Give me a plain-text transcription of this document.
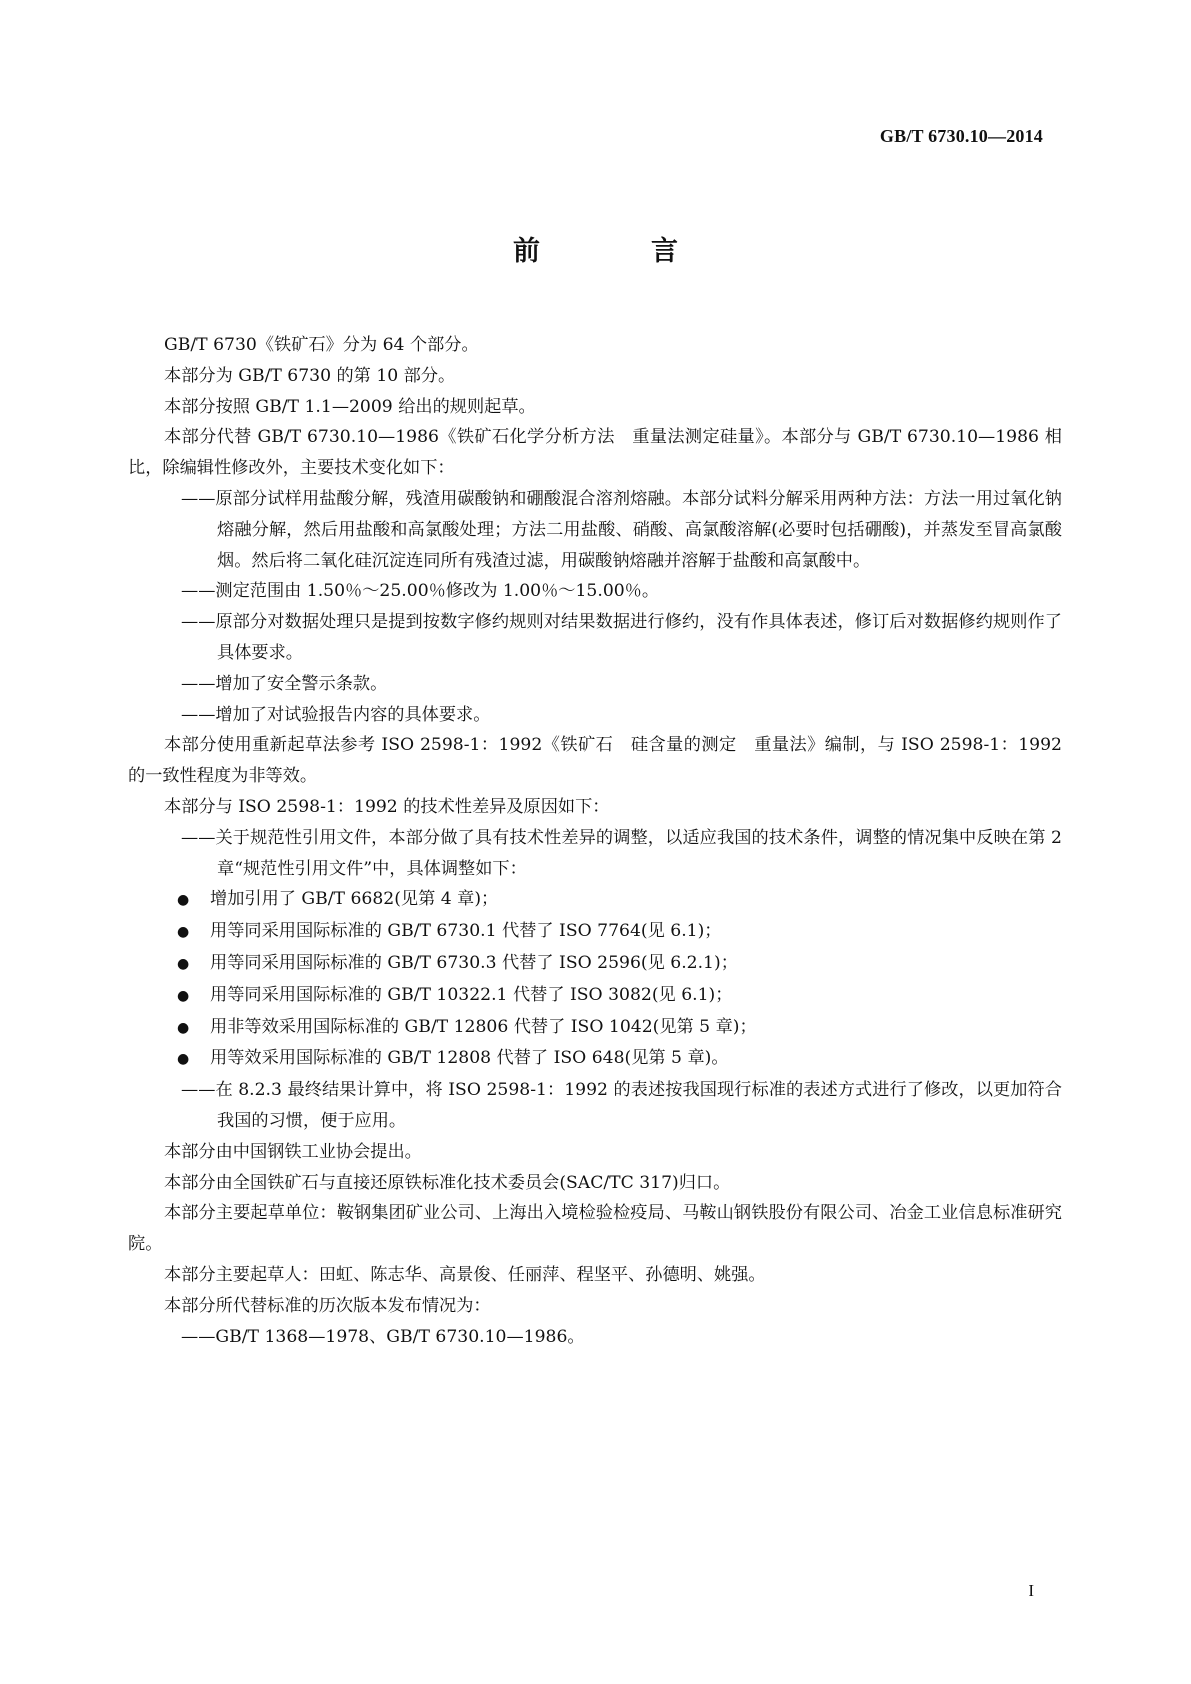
GB/T 6730.10—2014
前　言

GB/T 6730《铁矿石》分为 64 个部分。

本部分为 GB/T 6730 的第 10 部分。

本部分按照 GB/T 1.1—2009 给出的规则起草。

本部分代替 GB/T 6730.10—1986《铁矿石化学分析方法　重量法测定硅量》。本部分与 GB/T 6730.10—1986 相比，除编辑性修改外，主要技术变化如下：

——原部分试样用盐酸分解，残渣用碳酸钠和硼酸混合溶剂熔融。本部分试料分解采用两种方法：方法一用过氧化钠熔融分解，然后用盐酸和高氯酸处理；方法二用盐酸、硝酸、高氯酸溶解(必要时包括硼酸)，并蒸发至冒高氯酸烟。然后将二氧化硅沉淀连同所有残渣过滤，用碳酸钠熔融并溶解于盐酸和高氯酸中。

——测定范围由 1.50％～25.00％修改为 1.00％～15.00％。

——原部分对数据处理只是提到按数字修约规则对结果数据进行修约，没有作具体表述，修订后对数据修约规则作了具体要求。

——增加了安全警示条款。

——增加了对试验报告内容的具体要求。

本部分使用重新起草法参考 ISO 2598-1：1992《铁矿石　硅含量的测定　重量法》编制，与 ISO 2598-1：1992 的一致性程度为非等效。

本部分与 ISO 2598-1：1992 的技术性差异及原因如下：

——关于规范性引用文件，本部分做了具有技术性差异的调整，以适应我国的技术条件，调整的情况集中反映在第 2 章“规范性引用文件”中，具体调整如下：

●	增加引用了 GB/T 6682(见第 4 章)；

●	用等同采用国际标准的 GB/T 6730.1 代替了 ISO 7764(见 6.1)；

●	用等同采用国际标准的 GB/T 6730.3 代替了 ISO 2596(见 6.2.1)；

●	用等同采用国际标准的 GB/T 10322.1 代替了 ISO 3082(见 6.1)；

●	用非等效采用国际标准的 GB/T 12806 代替了 ISO 1042(见第 5 章)；

●	用等效采用国际标准的 GB/T 12808 代替了 ISO 648(见第 5 章)。

——在 8.2.3 最终结果计算中，将 ISO 2598-1：1992 的表述按我国现行标准的表述方式进行了修改，以更加符合我国的习惯，便于应用。

本部分由中国钢铁工业协会提出。

本部分由全国铁矿石与直接还原铁标准化技术委员会(SAC/TC 317)归口。

本部分主要起草单位：鞍钢集团矿业公司、上海出入境检验检疫局、马鞍山钢铁股份有限公司、冶金工业信息标准研究院。

本部分主要起草人：田虹、陈志华、高景俊、任丽萍、程坚平、孙德明、姚强。

本部分所代替标准的历次版本发布情况为：

——GB/T 1368—1978、GB/T 6730.10—1986。

I
